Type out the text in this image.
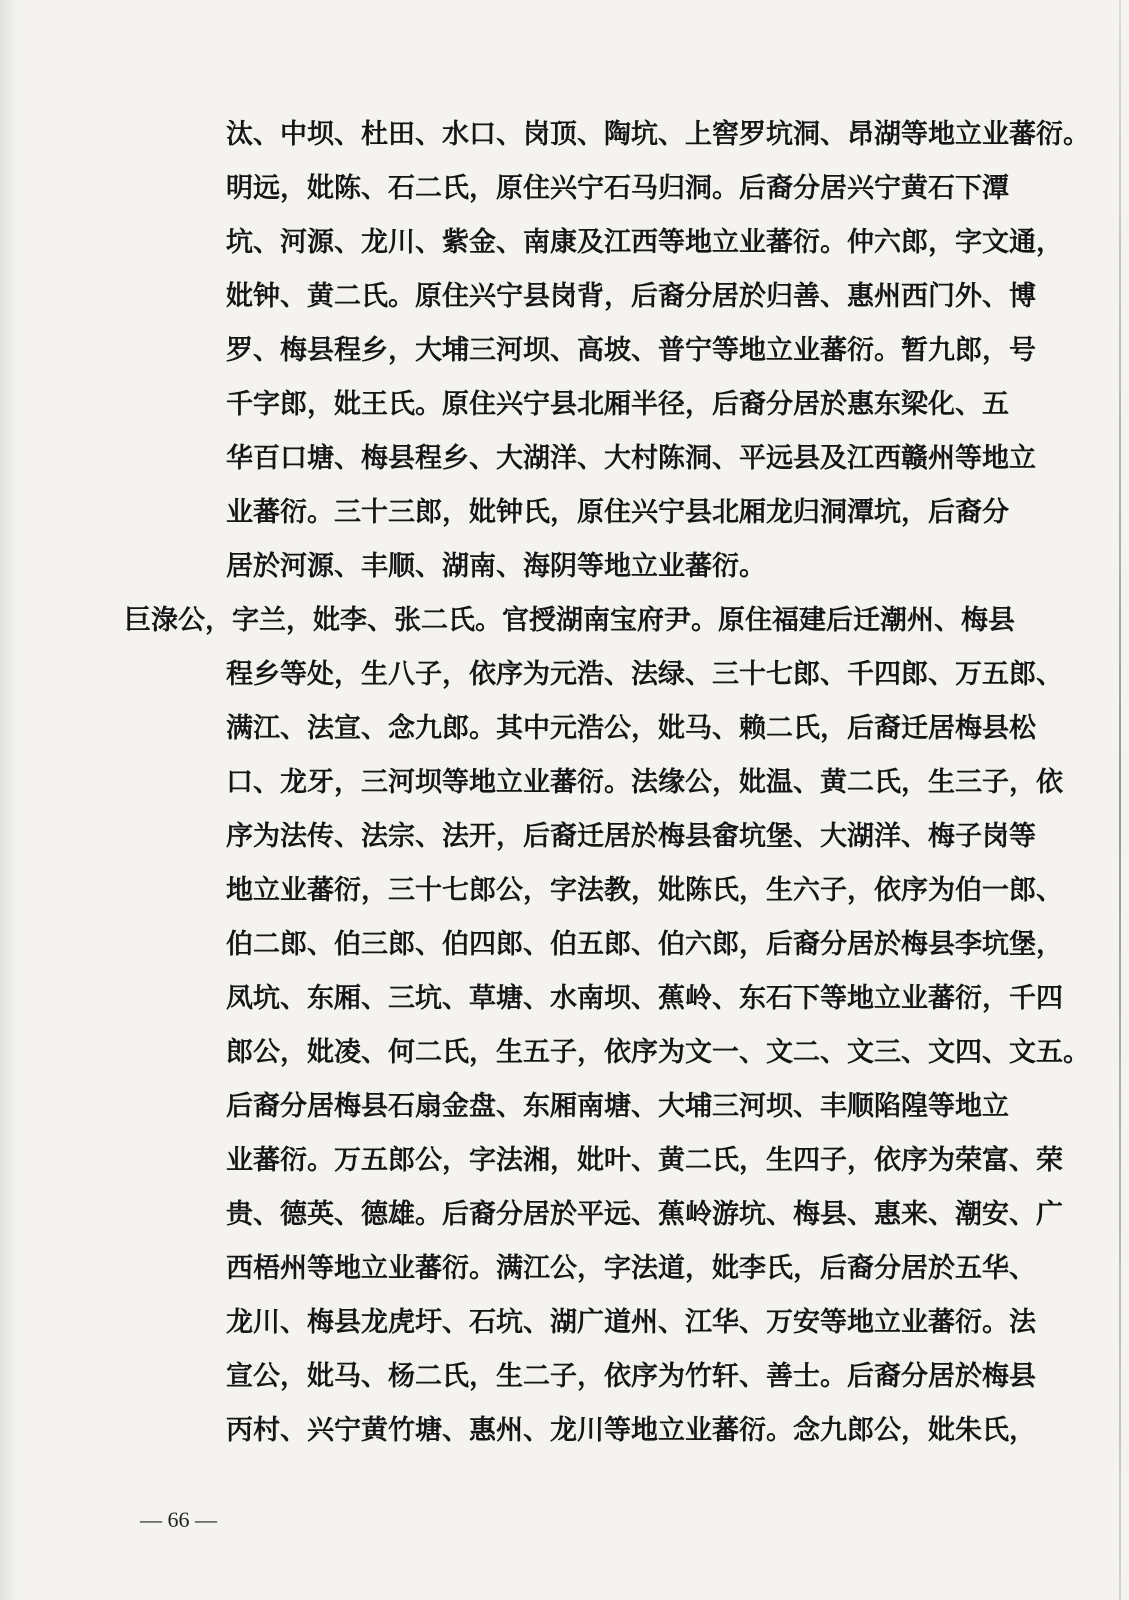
汰、中坝、杜田、水口、岗顶、陶坑、上窖罗坑洞、昂湖等地立业蕃衍。
明远，妣陈、石二氏，原住兴宁石马归洞。后裔分居兴宁黄石下潭
坑、河源、龙川、紫金、南康及江西等地立业蕃衍。仲六郎，字文通，
妣钟、黄二氏。原住兴宁县岗背，后裔分居於归善、惠州西门外、博
罗、梅县程乡，大埔三河坝、高坡、普宁等地立业蕃衍。暂九郎，号
千字郎，妣王氏。原住兴宁县北厢半径，后裔分居於惠东梁化、五
华百口塘、梅县程乡、大湖洋、大村陈洞、平远县及江西赣州等地立
业蕃衍。三十三郎，妣钟氏，原住兴宁县北厢龙归洞潭坑，后裔分
居於河源、丰顺、湖南、海阴等地立业蕃衍。
巨淥公，字兰，妣李、张二氏。官授湖南宝府尹。原住福建后迁潮州、梅县
程乡等处，生八子，依序为元浩、法绿、三十七郎、千四郎、万五郎、
满江、法宣、念九郎。其中元浩公，妣马、赖二氏，后裔迁居梅县松
口、龙牙，三河坝等地立业蕃衍。法缘公，妣温、黄二氏，生三子，依
序为法传、法宗、法开，后裔迁居於梅县畲坑堡、大湖洋、梅子岗等
地立业蕃衍，三十七郎公，字法教，妣陈氏，生六子，依序为伯一郎、
伯二郎、伯三郎、伯四郎、伯五郎、伯六郎，后裔分居於梅县李坑堡，
凤坑、东厢、三坑、草塘、水南坝、蕉岭、东石下等地立业蕃衍，千四
郎公，妣凌、何二氏，生五子，依序为文一、文二、文三、文四、文五。
后裔分居梅县石扇金盘、东厢南塘、大埔三河坝、丰顺陷隍等地立
业蕃衍。万五郎公，字法湘，妣叶、黄二氏，生四子，依序为荣富、荣
贵、德英、德雄。后裔分居於平远、蕉岭游坑、梅县、惠来、潮安、广
西梧州等地立业蕃衍。满江公，字法道，妣李氏，后裔分居於五华、
龙川、梅县龙虎圩、石坑、湖广道州、江华、万安等地立业蕃衍。法
宣公，妣马、杨二氏，生二子，依序为竹轩、善士。后裔分居於梅县
丙村、兴宁黄竹塘、惠州、龙川等地立业蕃衍。念九郎公，妣朱氏，
— 66 —
